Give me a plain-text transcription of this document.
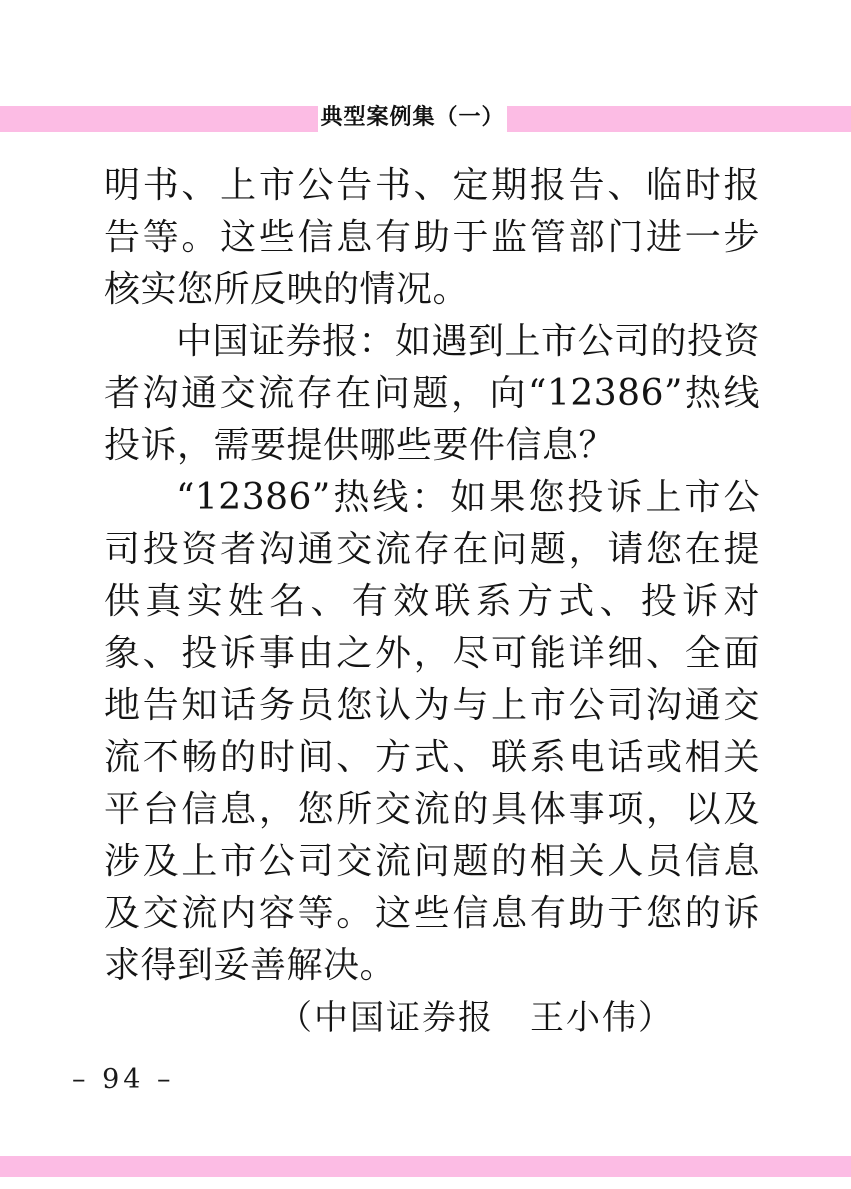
典型案例集（一）

明书、上市公告书、定期报告、临时报告等。这些信息有助于监管部门进一步核实您所反映的情况。

中国证券报：如遇到上市公司的投资者沟通交流存在问题，向“12386”热线投诉，需要提供哪些要件信息？

“12386”热线：如果您投诉上市公司投资者沟通交流存在问题，请您在提供真实姓名、有效联系方式、投诉对象、投诉事由之外，尽可能详细、全面地告知话务员您认为与上市公司沟通交流不畅的时间、方式、联系电话或相关平台信息，您所交流的具体事项，以及涉及上市公司交流问题的相关人员信息及交流内容等。这些信息有助于您的诉求得到妥善解决。

（中国证券报　王小伟）

– 94 –
